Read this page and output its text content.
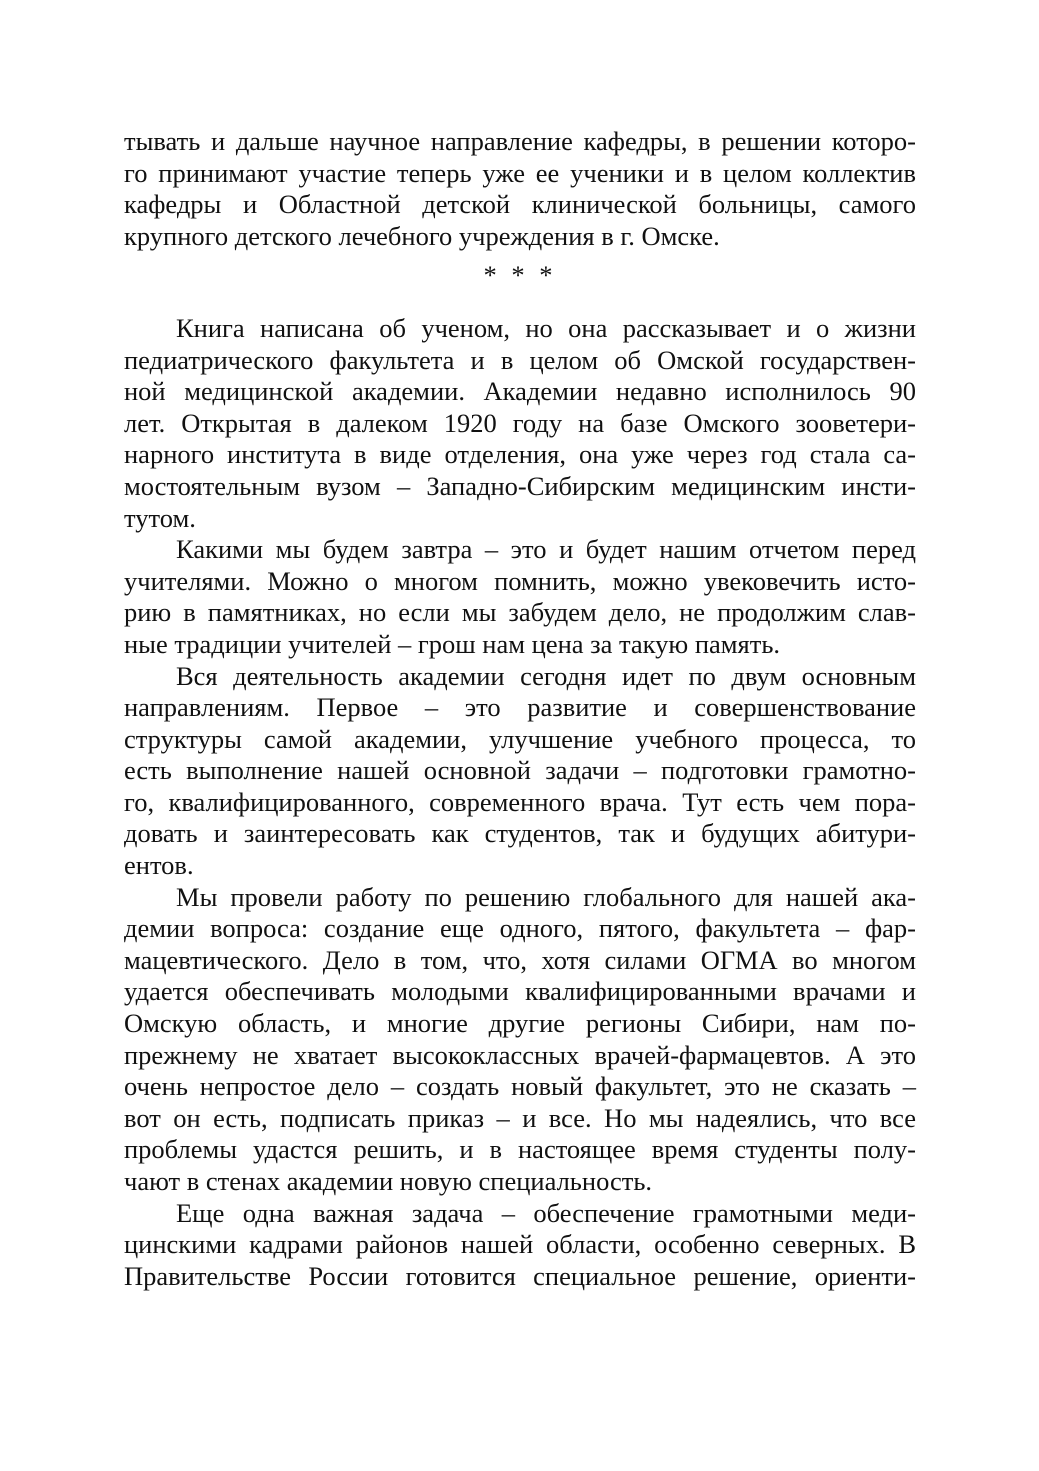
тывать и дальше научное направление кафедры, в решении которо-
го принимают участие теперь уже ее ученики и в целом коллектив
кафедры и Областной детской клинической больницы, самого
крупного детского лечебного учреждения в г. Омске.
* * *
Книга написана об ученом, но она рассказывает и о жизни
педиатрического факультета и в целом об Омской государствен-
ной медицинской академии. Академии недавно исполнилось 90
лет. Открытая в далеком 1920 году на базе Омского зооветери-
нарного института в виде отделения, она уже через год стала са-
мостоятельным вузом – Западно-Сибирским медицинским инсти-
тутом.
Какими мы будем завтра – это и будет нашим отчетом перед
учителями. Можно о многом помнить, можно увековечить исто-
рию в памятниках, но если мы забудем дело, не продолжим слав-
ные традиции учителей – грош нам цена за такую память.
Вся деятельность академии сегодня идет по двум основным
направлениям. Первое – это развитие и совершенствование
структуры самой академии, улучшение учебного процесса, то
есть выполнение нашей основной задачи – подготовки грамотно-
го, квалифицированного, современного врача. Тут есть чем пора-
довать и заинтересовать как студентов, так и будущих абитури-
ентов.
Мы провели работу по решению глобального для нашей ака-
демии вопроса: создание еще одного, пятого, факультета – фар-
мацевтического. Дело в том, что, хотя силами ОГМА во многом
удается обеспечивать молодыми квалифицированными врачами и
Омскую область, и многие другие регионы Сибири, нам по-
прежнему не хватает высококлассных врачей-фармацевтов. А это
очень непростое дело – создать новый факультет, это не сказать –
вот он есть, подписать приказ – и все. Но мы надеялись, что все
проблемы удастся решить, и в настоящее время студенты полу-
чают в стенах академии новую специальность.
Еще одна важная задача – обеспечение грамотными меди-
цинскими кадрами районов нашей области, особенно северных. В
Правительстве России готовится специальное решение, ориенти-
